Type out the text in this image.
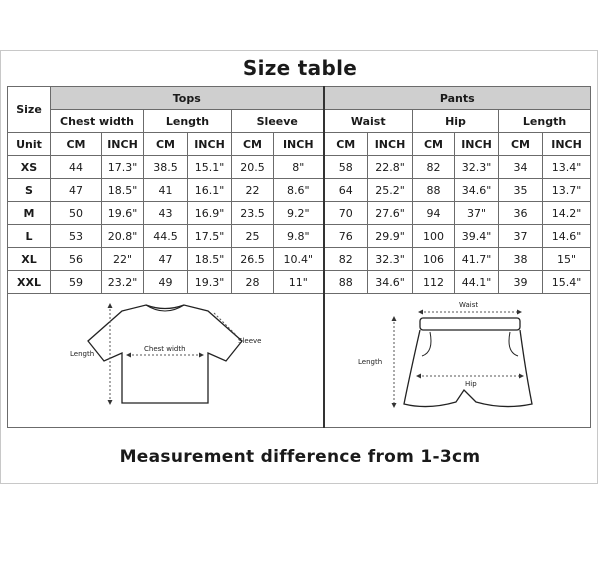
Size table
Size	Tops						Pants					
	Chest width		Length		Sleeve		Waist		Hip		Length	
Unit	CM	INCH	CM	INCH	CM	INCH	CM	INCH	CM	INCH	CM	INCH
XS	44	17.3"	38.5	15.1"	20.5	8"	58	22.8"	82	32.3"	34	13.4"
S	47	18.5"	41	16.1"	22	8.6"	64	25.2"	88	34.6"	35	13.7"
M	50	19.6"	43	16.9"	23.5	9.2"	70	27.6"	94	37"	36	14.2"
L	53	20.8"	44.5	17.5"	25	9.8"	76	29.9"	100	39.4"	37	14.6"
XL	56	22"	47	18.5"	26.5	10.4"	82	32.3"	106	41.7"	38	15"
XXL	59	23.2"	49	19.3"	28	11"	88	34.6"	112	44.1"	39	15.4"

Chest width
Length
Sleeve							Waist
Hip
Length					
Measurement difference from 1-3cm
